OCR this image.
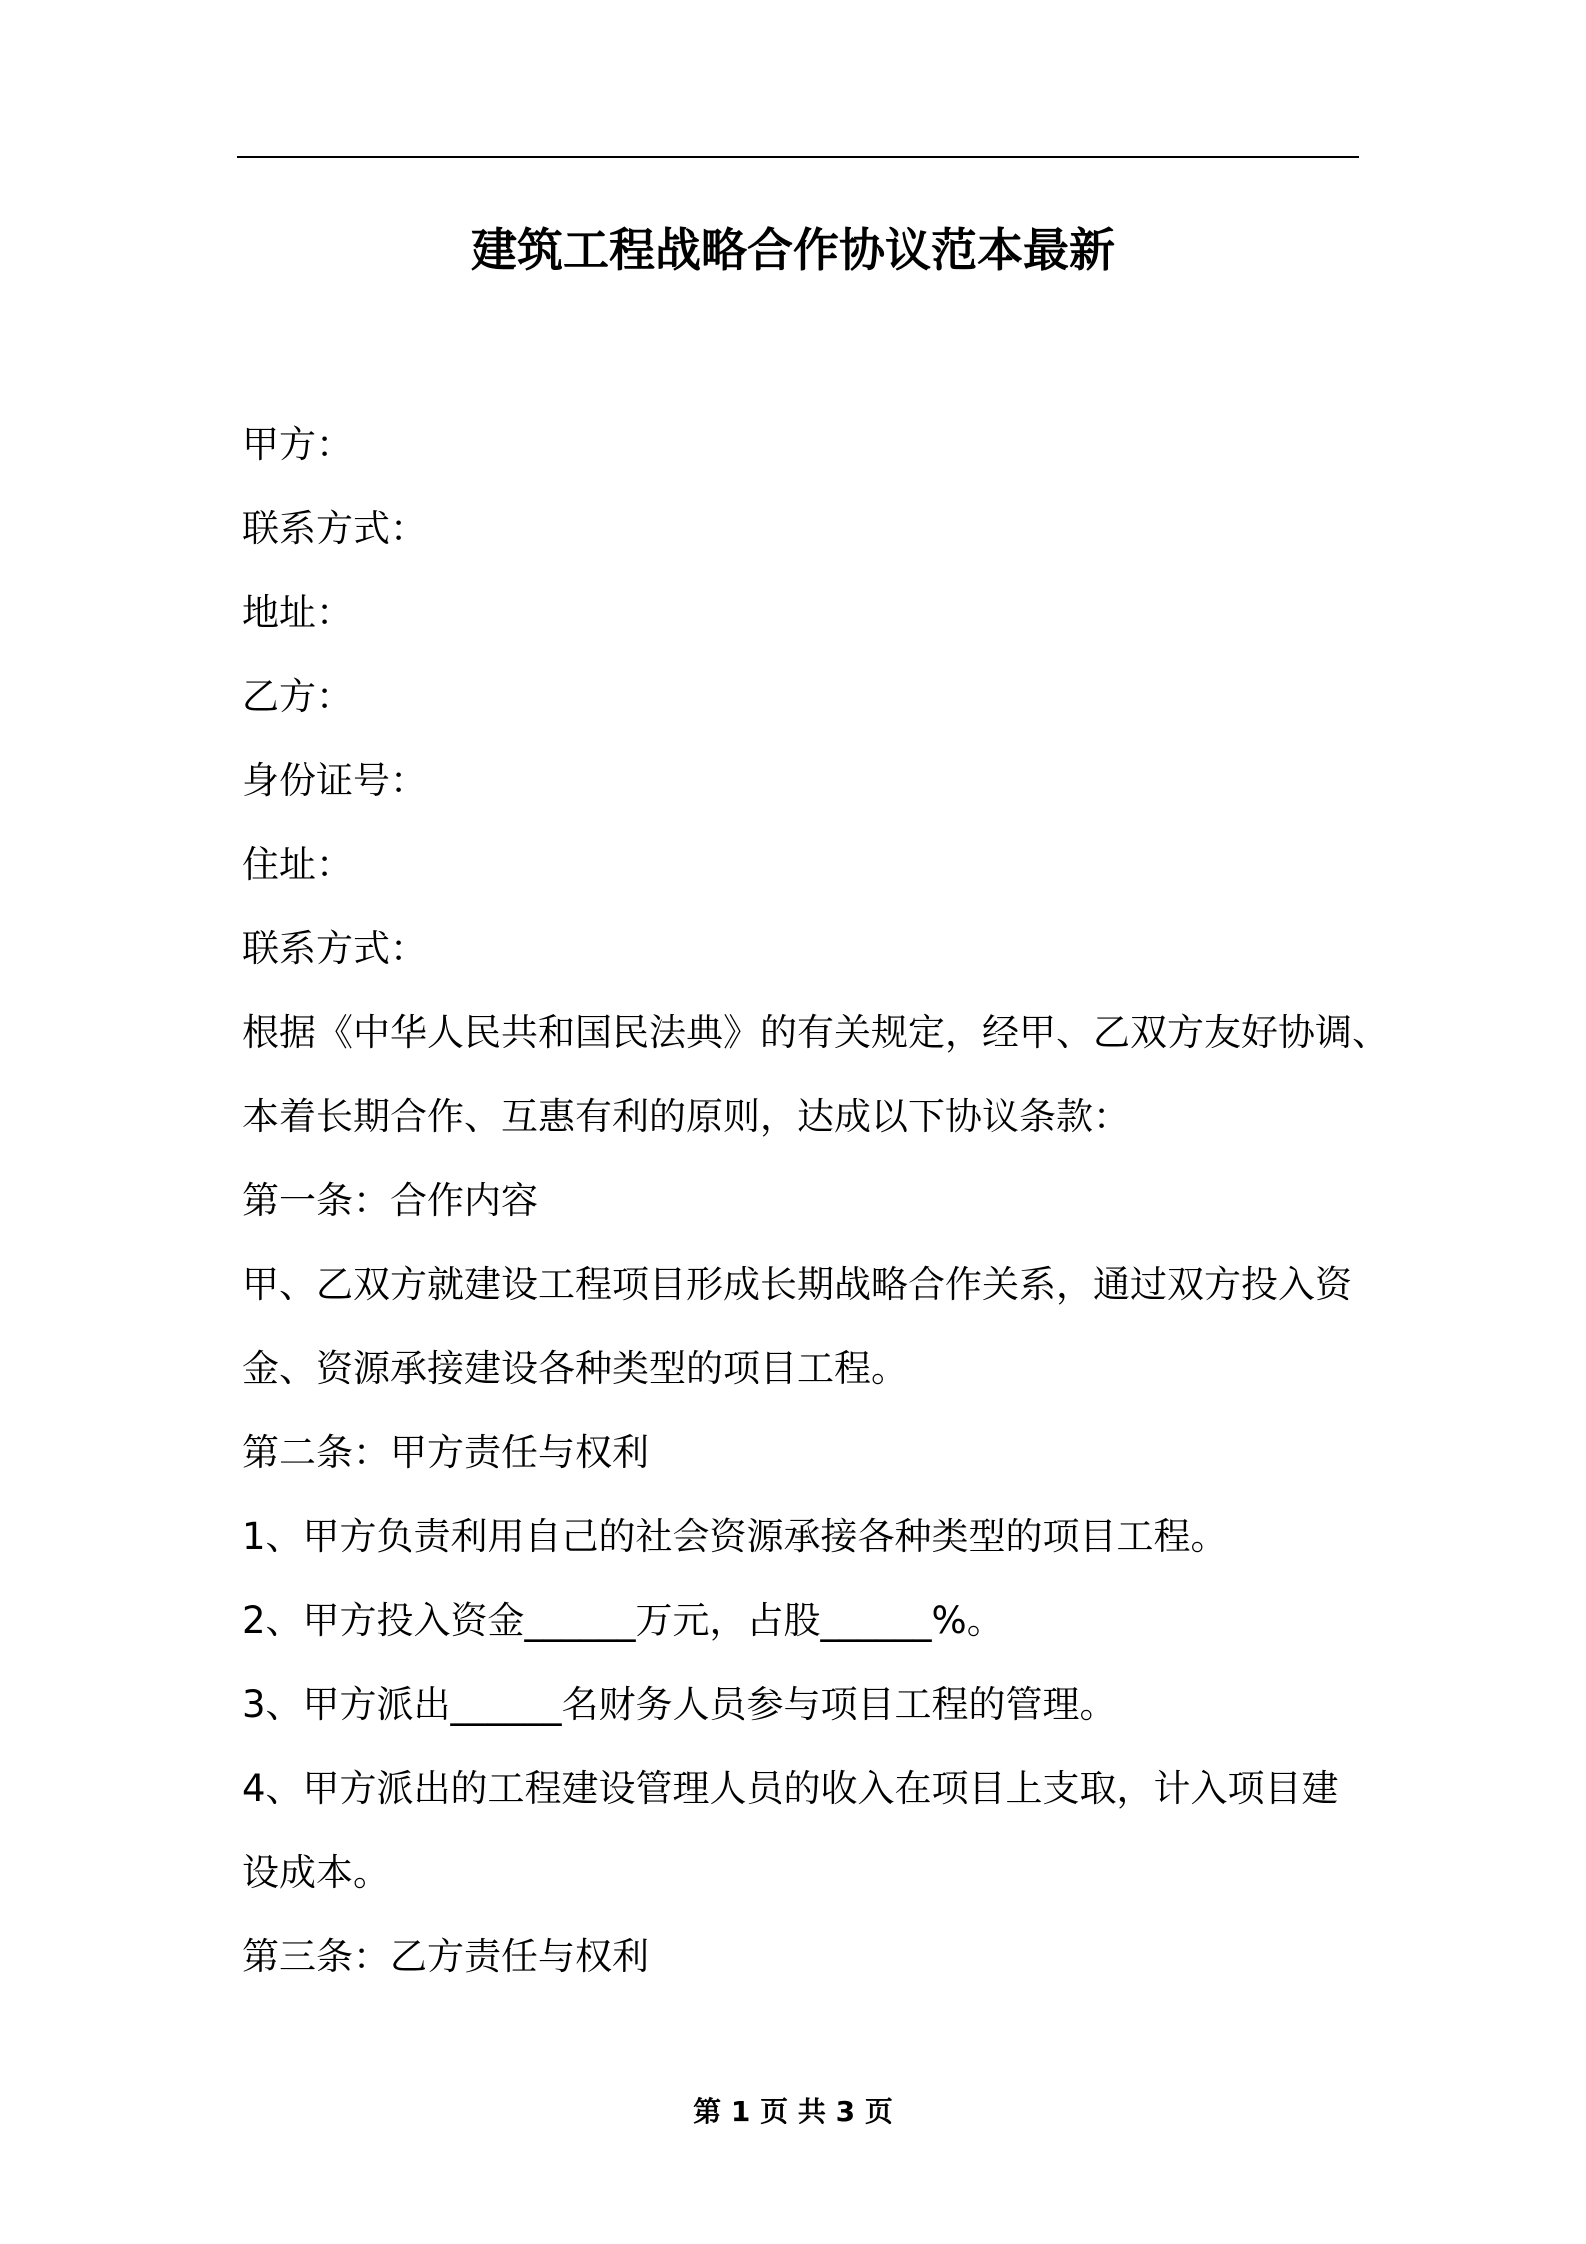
建筑工程战略合作协议范本最新
甲方：
联系方式：
地址：
乙方：
身份证号：
住址：
联系方式：
根据《中华人民共和国民法典》的有关规定，经甲、乙双方友好协调、
本着长期合作、互惠有利的原则，达成以下协议条款：
第一条：合作内容
甲、乙双方就建设工程项目形成长期战略合作关系，通过双方投入资
金、资源承接建设各种类型的项目工程。
第二条：甲方责任与权利
1、甲方负责利用自己的社会资源承接各种类型的项目工程。
2、甲方投入资金______万元，占股______%。
3、甲方派出______名财务人员参与项目工程的管理。
4、甲方派出的工程建设管理人员的收入在项目上支取，计入项目建
设成本。
第三条：乙方责任与权利
第 1 页 共 3 页
